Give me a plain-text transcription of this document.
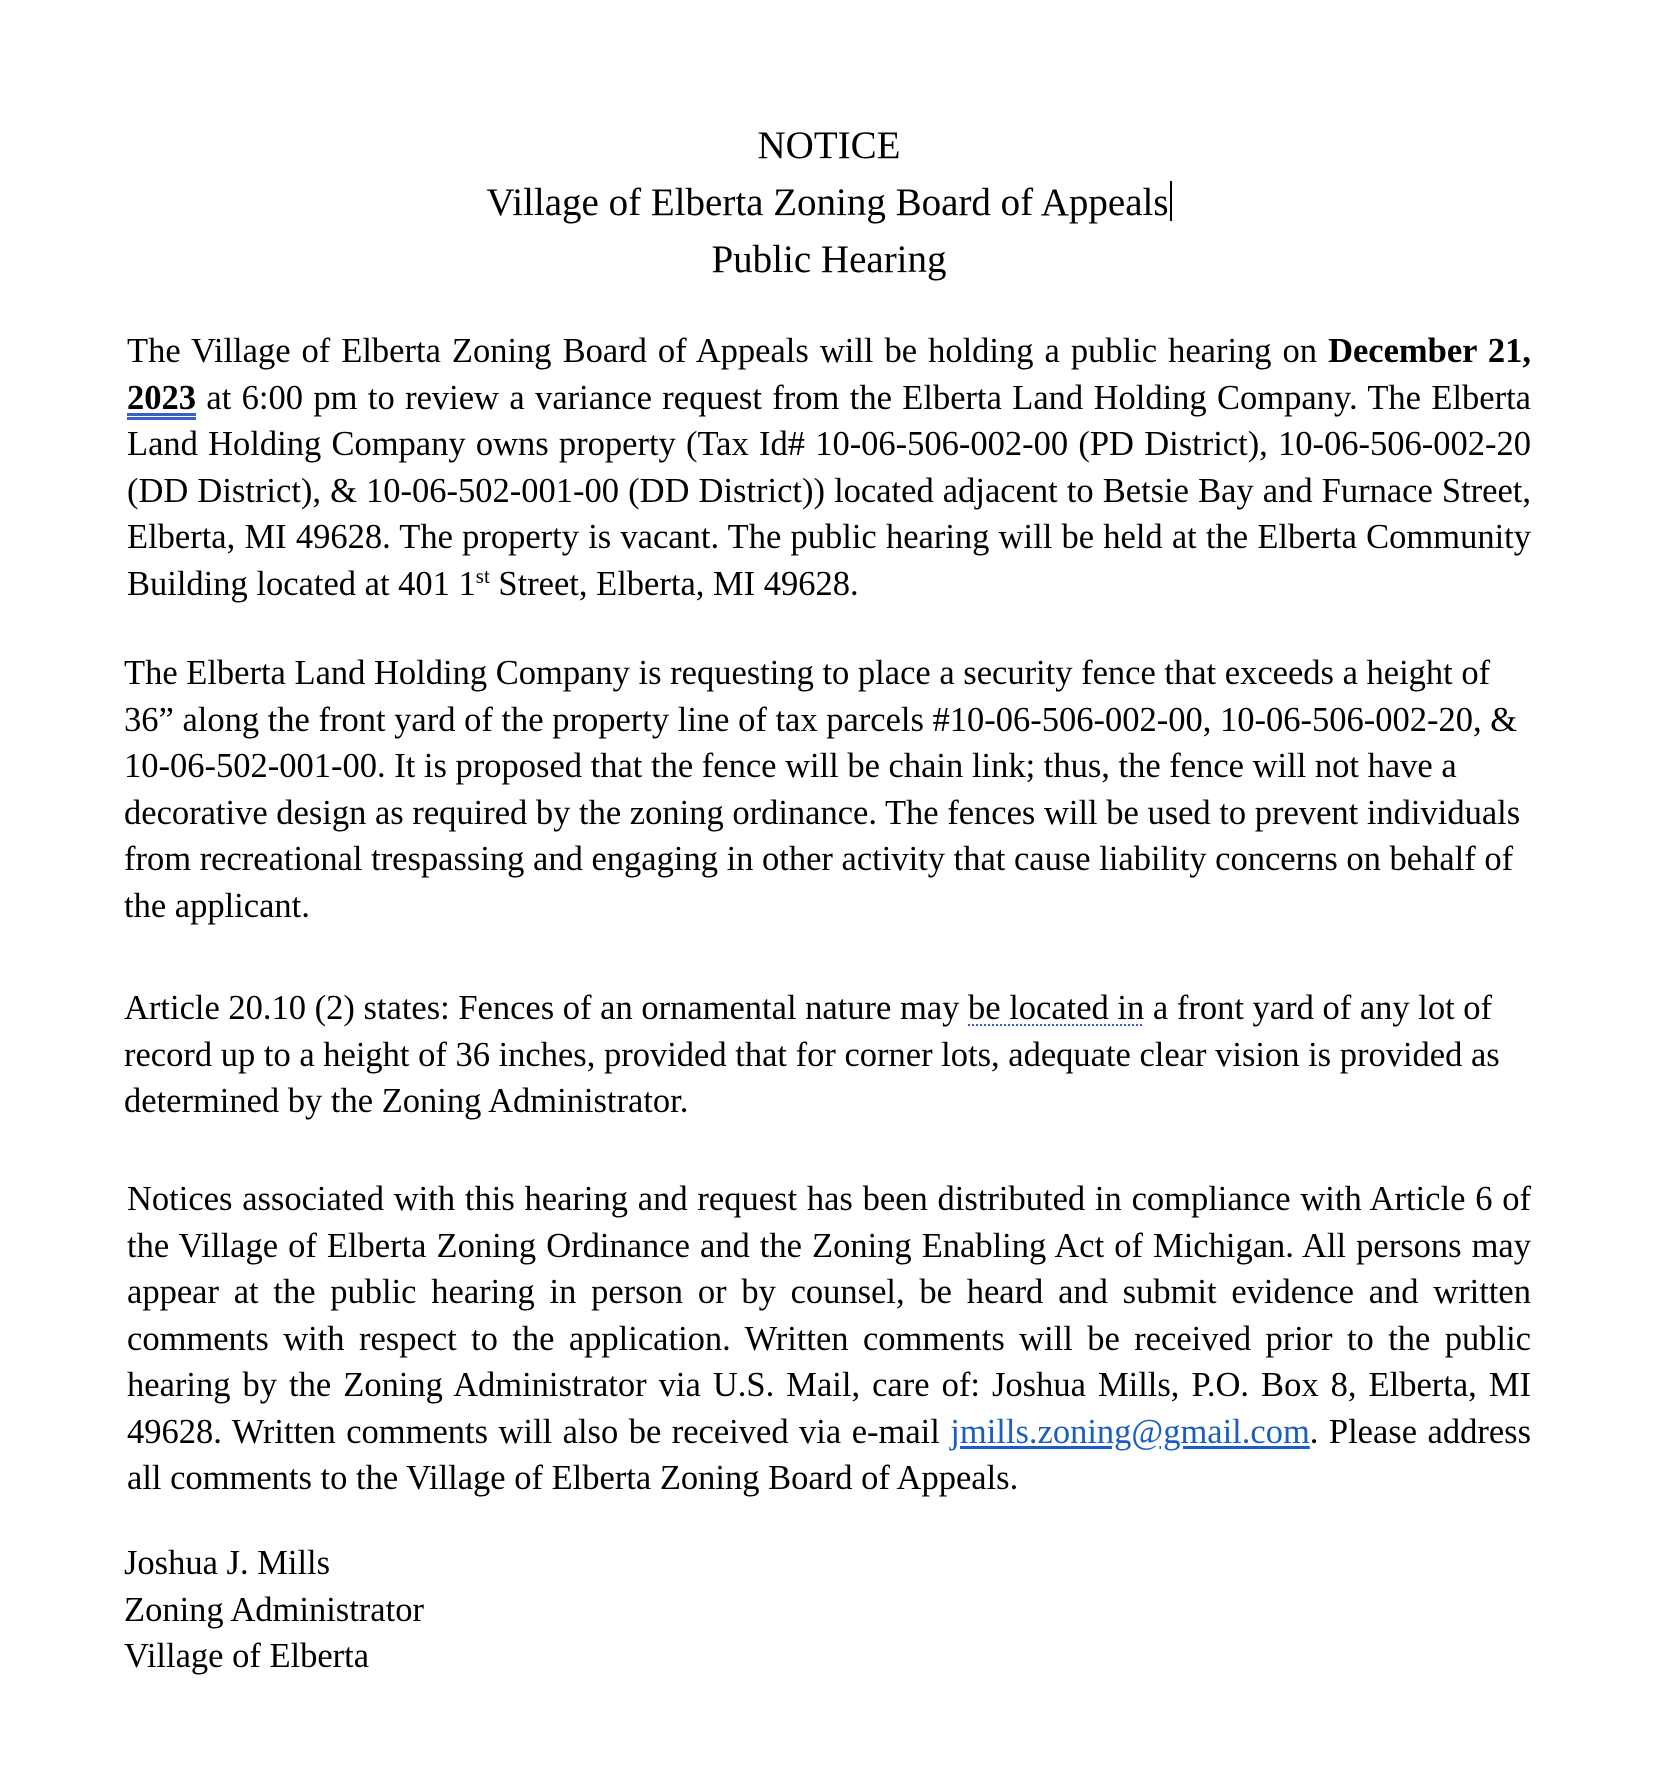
NOTICE
Village of Elberta Zoning Board of Appeals
Public Hearing

The Village of Elberta Zoning Board of Appeals will be holding a public hearing on December 21, 2023 at 6:00 pm to review a variance request from the Elberta Land Holding Company. The Elberta Land Holding Company owns property (Tax Id# 10-06-506-002-00 (PD District), 10-06-506-002-20 (DD District), & 10-06-502-001-00 (DD District)) located adjacent to Betsie Bay and Furnace Street, Elberta, MI 49628. The property is vacant. The public hearing will be held at the Elberta Community Building located at 401 1st Street, Elberta, MI 49628.

The Elberta Land Holding Company is requesting to place a security fence that exceeds a height of 36” along the front yard of the property line of tax parcels #10-06-506-002-00, 10-06-506-002-20, & 10-06-502-001-00. It is proposed that the fence will be chain link; thus, the fence will not have a decorative design as required by the zoning ordinance. The fences will be used to prevent individuals from recreational trespassing and engaging in other activity that cause liability concerns on behalf of the applicant.

Article 20.10 (2) states: Fences of an ornamental nature may be located in a front yard of any lot of record up to a height of 36 inches, provided that for corner lots, adequate clear vision is provided as determined by the Zoning Administrator.

Notices associated with this hearing and request has been distributed in compliance with Article 6 of the Village of Elberta Zoning Ordinance and the Zoning Enabling Act of Michigan. All persons may appear at the public hearing in person or by counsel, be heard and submit evidence and written comments with respect to the application. Written comments will be received prior to the public hearing by the Zoning Administrator via U.S. Mail, care of: Joshua Mills, P.O. Box 8, Elberta, MI 49628. Written comments will also be received via e-mail jmills.zoning@gmail.com. Please address all comments to the Village of Elberta Zoning Board of Appeals.

Joshua J. Mills
Zoning Administrator
Village of Elberta
